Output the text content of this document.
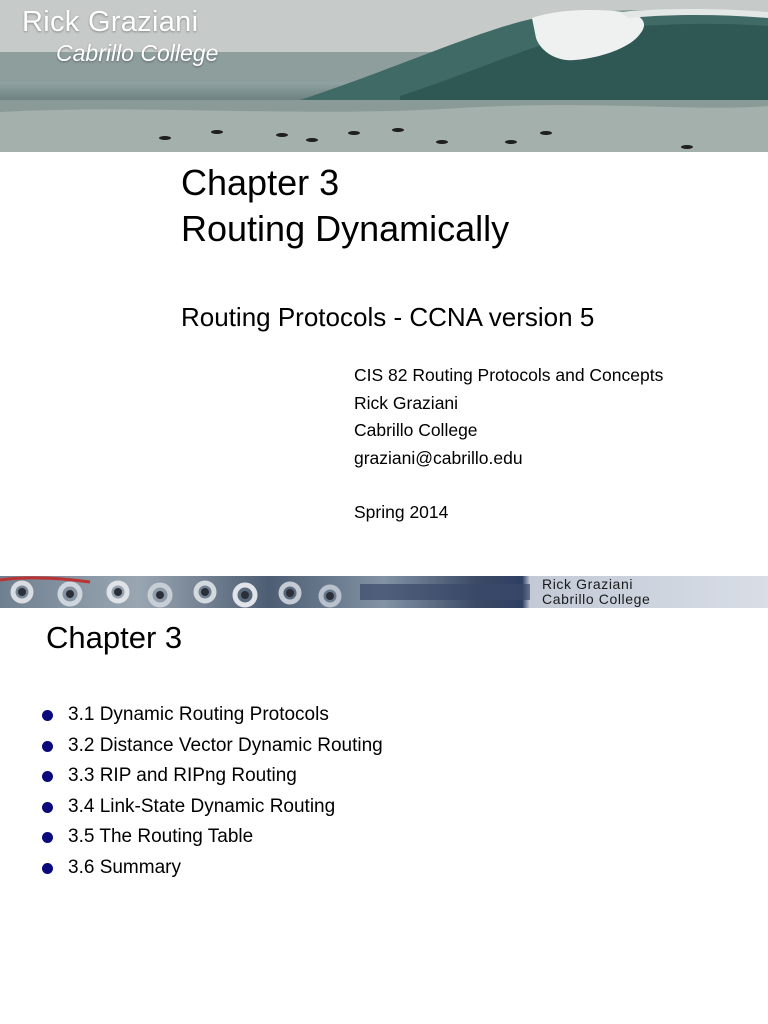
Rick Graziani
Cabrillo College
Chapter 3
Routing Dynamically
Routing Protocols - CCNA version 5
CIS 82 Routing Protocols and Concepts
Rick Graziani
Cabrillo College
graziani@cabrillo.edu
Spring 2014
Rick Graziani
Cabrillo College
Chapter 3
3.1 Dynamic Routing Protocols
3.2 Distance Vector Dynamic Routing
3.3 RIP and RIPng Routing
3.4 Link-State Dynamic Routing
3.5 The Routing Table
3.6 Summary
